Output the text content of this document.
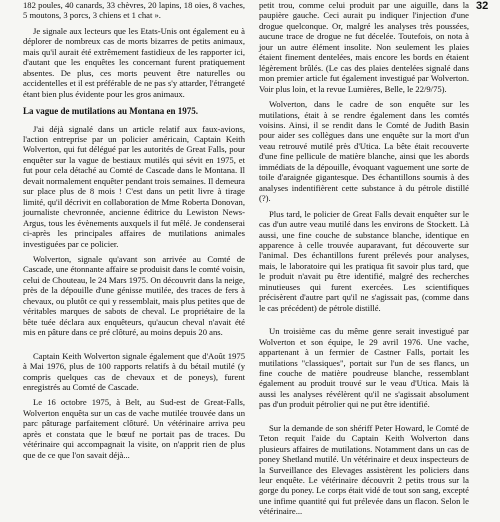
32

182 poules, 40 canards, 33 chèvres, 20 lapins, 18 oies, 8 vaches, 5 moutons, 3 porcs, 3 chiens et 1 chat ».

Je signale aux lecteurs que les Etats-Unis ont également eu à déplorer de nombreux cas de morts bizarres de petits animaux, mais qu'il aurait été extrêmement fastidieux de les rapporter ici, d'autant que les enquêtes les concernant furent pratiquement absentes. De plus, ces morts peuvent être naturelles ou accidentelles et il est préférable de ne pas s'y attarder, l'étrangeté étant bien plus évidente pour les gros animaux.

La vague de mutilations au Montana en 1975.

J'ai déjà signalé dans un article relatif aux faux-avions, l'action entreprise par un policier américain, Captain Keith Wolverton, qui fut délégué par les autorités de Great Falls, pour enquêter sur la vague de bestiaux mutilés qui sévit en 1975, et fut pour cela détaché au Comté de Cascade dans le Montana. Il devait normalement enquêter pendant trois semaines. Il demeura sur place plus de 8 mois ! C'est dans un petit livre à tirage limité, qu'il décrivit en collaboration de Mme Roberta Donovan, journaliste chevronnée, ancienne éditrice du Lewiston News-Argus, tous les évènements auxquels il fut mêlé. Je condenserai ci-après les principales affaires de mutilations animales investiguées par ce policier.

Wolverton, signale qu'avant son arrivée au Comté de Cascade, une étonnante affaire se produisit dans le comté voisin, celui de Chouteau, le 24 Mars 1975. On découvrit dans la neige, près de la dépouille d'une génisse mutilée, des traces de fers à chevaux, ou plutôt ce qui y ressemblait, mais plus petites que de véritables marques de sabots de cheval. Le propriétaire de la bête tuée déclara aux enquêteurs, qu'aucun cheval n'avait été mis en pâture dans ce pré clôturé, au moins depuis 20 ans.

Captain Keith Wolverton signale également que d'Août 1975 à Mai 1976, plus de 100 rapports relatifs à du bétail mutilé (y compris quelques cas de chevaux et de poneys), furent enregistrés au Comté de Cascade.

Le 16 octobre 1975, à Belt, au Sud-est de Great-Falls, Wolverton enquêta sur un cas de vache mutilée trouvée dans un parc pâturage parfaitement clôturé. Un vétérinaire arriva peu après et constata que le bœuf ne portait pas de traces. Du vétérinaire qui accompagnait la visite, on n'apprit rien de plus que de ce que l'on savait déjà...

petit trou, comme celui produit par une aiguille, dans la paupière gauche. Ceci aurait pu indiquer l'injection d'une drogue quelconque. Or, malgré les analyses très poussées, aucune trace de drogue ne fut décelée. Toutefois, on nota à jour un autre élément insolite. Non seulement les plaies étaient finement dentelées, mais encore les bords en étaient légèrement brûlés. (Le cas des plaies dentelées signalé dans mon premier article fut également investigué par Wolverton. Voir plus loin, et la revue Lumières, Belle, le 22/9/75).

Wolverton, dans le cadre de son enquête sur les mutilations, était à se rendre également dans les comtés voisins. Ainsi, il se rendit dans le Comté de Judith Basin pour aider ses collègues dans une enquête sur la mort d'un veau retrouvé mutilé près d'Utica. La bête était recouverte d'une fine pellicule de matière blanche, ainsi que les abords immédiats de la dépouille, évoquant vaguement une sorte de toile d'araignée gigantesque. Des échantillons soumis à des analyses indentifièrent cette substance à du pétrole distillé (?).

Plus tard, le policier de Great Falls devait enquêter sur le cas d'un autre veau mutilé dans les environs de Stockett. Là aussi, une fine couche de substance blanche, identique en apparence à celle trouvée auparavant, fut découverte sur l'animal. Des échantillons furent prélevés pour analyses, mais, le laboratoire qui les pratiqua fit savoir plus tard, que le produit n'avait pu être identifié, malgré des recherches minutieuses qui furent exercées. Les scientifiques précisèrent d'autre part qu'il ne s'agissait pas, (comme dans le cas précédent) de pétrole distillé.

Un troisième cas du même genre serait investigué par Wolverton et son équipe, le 29 avril 1976. Une vache, appartenant à un fermier de Castner Falls, portait les mutilations "classiques", portait sur l'un de ses flancs, un fine couche de matière poudreuse blanche, ressemblant également au produit trouvé sur le veau d'Utica. Mais là aussi les analyses révélèrent qu'il ne s'agissait absolument pas d'un produit pétrolier qui ne put être identifié.

Sur la demande de son shériff Peter Howard, le Comté de Teton requit l'aide du Captain Keith Wolverton dans plusieurs affaires de mutilations. Notamment dans un cas de poney Shetland mutilé. Un vétérinaire et deux inspecteurs de la Surveillance des Elevages assistèrent les policiers dans leur enquête. Le vétérinaire découvrit 2 petits trous sur la gorge du poney. Le corps était vidé de tout son sang, excepté une infime quantité qui fut prélevée dans un flacon. Selon le vétérinaire...
